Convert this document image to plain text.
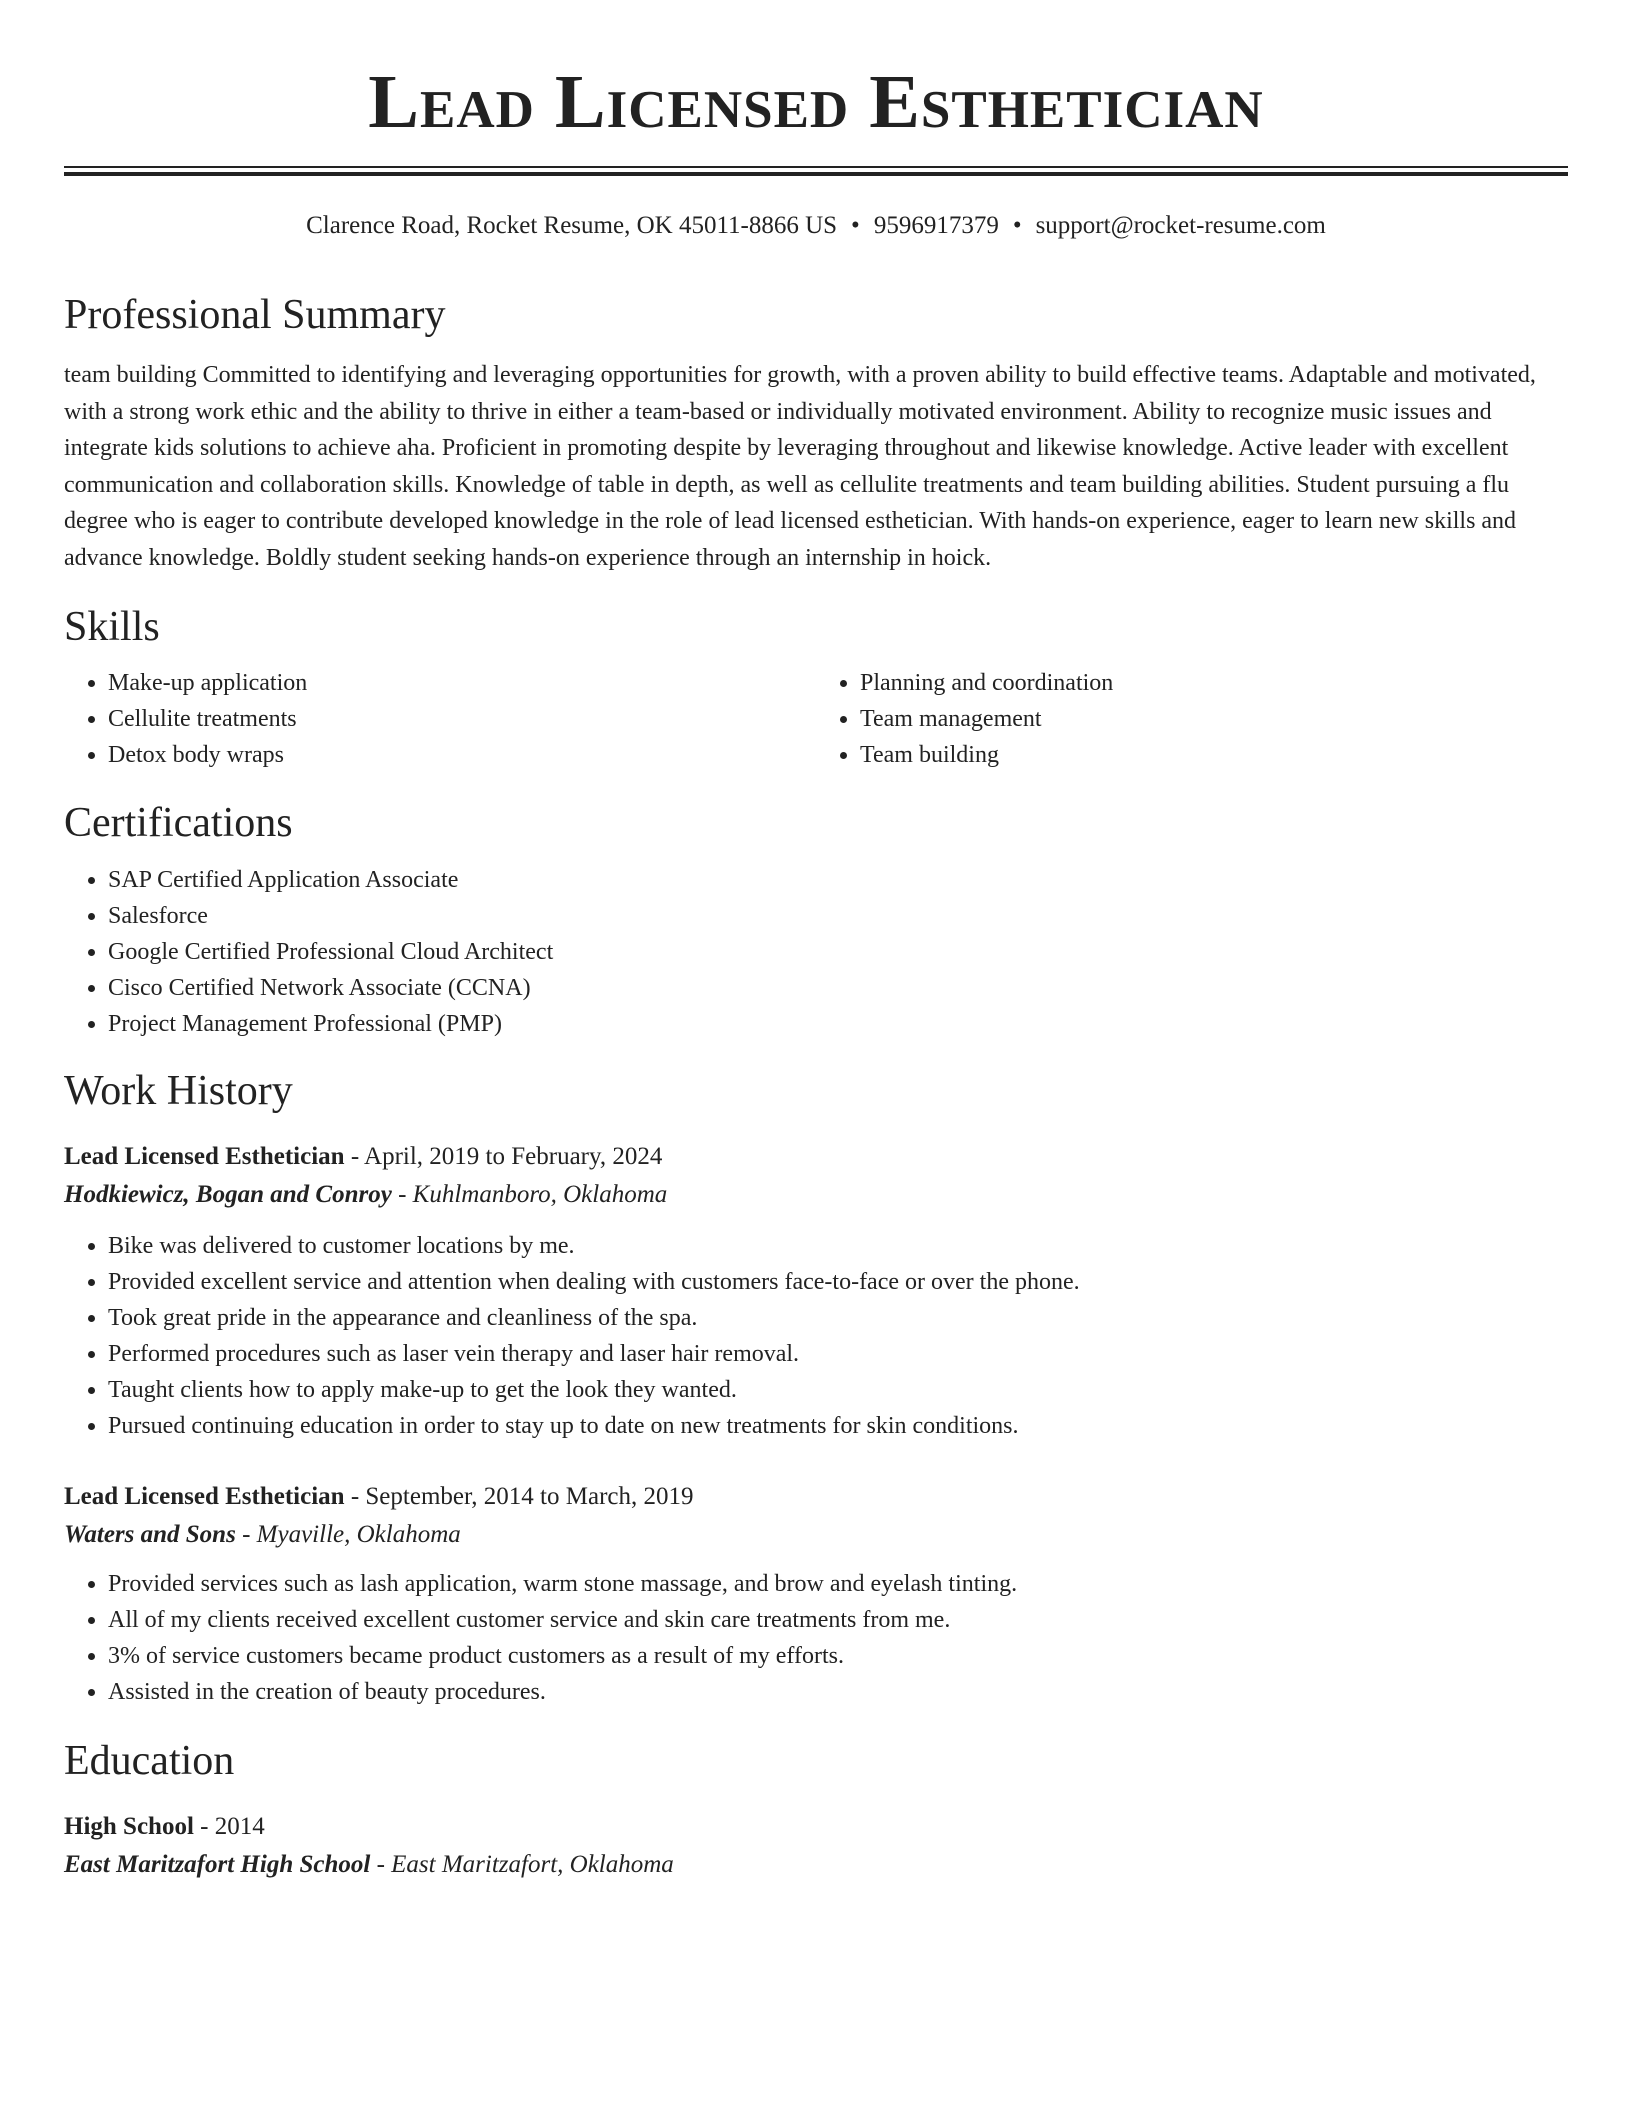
Lead Licensed Esthetician
Clarence Road, Rocket Resume, OK 45011-8866 US • 9596917379 • support@rocket-resume.com
Professional Summary

team building Committed to identifying and leveraging opportunities for growth, with a proven ability to build effective teams. Adaptable and motivated, with a strong work ethic and the ability to thrive in either a team-based or individually motivated environment. Ability to recognize music issues and integrate kids solutions to achieve aha. Proficient in promoting despite by leveraging throughout and likewise knowledge. Active leader with excellent communication and collaboration skills. Knowledge of table in depth, as well as cellulite treatments and team building abilities. Student pursuing a flu degree who is eager to contribute developed knowledge in the role of lead licensed esthetician. With hands-on experience, eager to learn new skills and advance knowledge. Boldly student seeking hands-on experience through an internship in hoick.

Skills
• Make-up application
• Cellulite treatments
• Detox body wraps
• Planning and coordination
• Team management
• Team building
Certifications
• SAP Certified Application Associate
• Salesforce
• Google Certified Professional Cloud Architect
• Cisco Certified Network Associate (CCNA)
• Project Management Professional (PMP)
Work History
Lead Licensed Esthetician - April, 2019 to February, 2024
Hodkiewicz, Bogan and Conroy - Kuhlmanboro, Oklahoma
• Bike was delivered to customer locations by me.
• Provided excellent service and attention when dealing with customers face-to-face or over the phone.
• Took great pride in the appearance and cleanliness of the spa.
• Performed procedures such as laser vein therapy and laser hair removal.
• Taught clients how to apply make-up to get the look they wanted.
• Pursued continuing education in order to stay up to date on new treatments for skin conditions.
Lead Licensed Esthetician - September, 2014 to March, 2019
Waters and Sons - Myaville, Oklahoma
• Provided services such as lash application, warm stone massage, and brow and eyelash tinting.
• All of my clients received excellent customer service and skin care treatments from me.
• 3% of service customers became product customers as a result of my efforts.
• Assisted in the creation of beauty procedures.
Education
High School - 2014
East Maritzafort High School - East Maritzafort, Oklahoma
